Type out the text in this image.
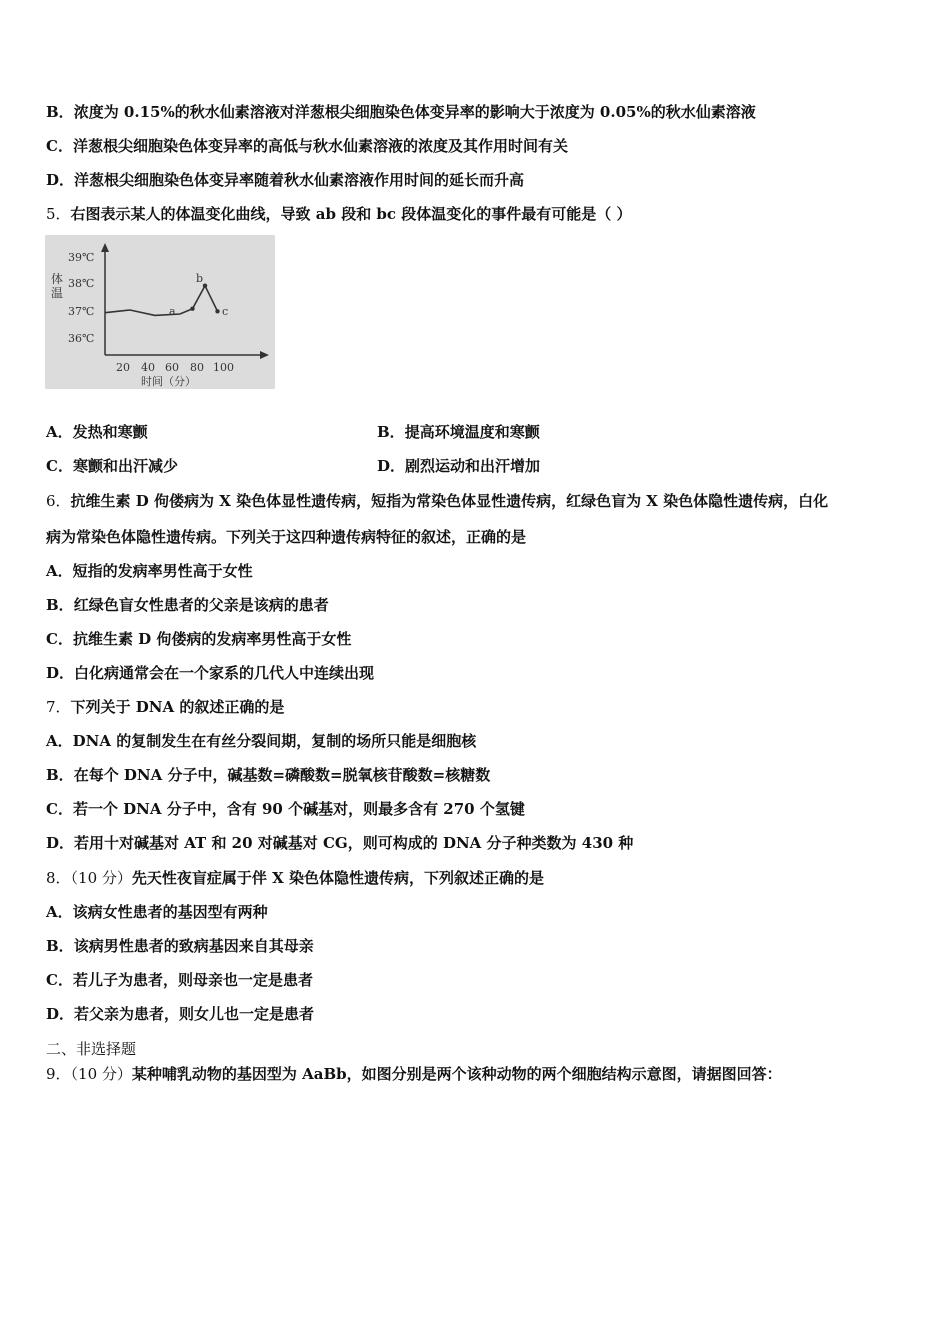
B．浓度为 0.15%的秋水仙素溶液对洋葱根尖细胞染色体变异率的影响大于浓度为 0.05%的秋水仙素溶液
C．洋葱根尖细胞染色体变异率的高低与秋水仙素溶液的浓度及其作用时间有关
D．洋葱根尖细胞染色体变异率随着秋水仙素溶液作用时间的延长而升高
5．右图表示某人的体温变化曲线，导致 ab 段和 bc 段体温变化的事件最有可能是（ ）
39℃
38℃
37℃
36℃
体温
20 40 60 80 100
时间（分）
a
b
c
A．发热和寒颤	B．提高环境温度和寒颤
C．寒颤和出汗减少	D．剧烈运动和出汗增加
6．抗维生素 D 佝偻病为 X 染色体显性遗传病，短指为常染色体显性遗传病，红绿色盲为 X 染色体隐性遗传病，白化
病为常染色体隐性遗传病。下列关于这四种遗传病特征的叙述，正确的是
A．短指的发病率男性高于女性
B．红绿色盲女性患者的父亲是该病的患者
C．抗维生素 D 佝偻病的发病率男性高于女性
D．白化病通常会在一个家系的几代人中连续出现
7．下列关于 DNA 的叙述正确的是
A．DNA 的复制发生在有丝分裂间期，复制的场所只能是细胞核
B．在每个 DNA 分子中，碱基数=磷酸数=脱氧核苷酸数=核糖数
C．若一个 DNA 分子中，含有 90 个碱基对，则最多含有 270 个氢键
D．若用十对碱基对 AT 和 20 对碱基对 CG，则可构成的 DNA 分子种类数为 430 种
8．（10 分）先天性夜盲症属于伴 X 染色体隐性遗传病，下列叙述正确的是
A．该病女性患者的基因型有两种
B．该病男性患者的致病基因来自其母亲
C．若儿子为患者，则母亲也一定是患者
D．若父亲为患者，则女儿也一定是患者
二、非选择题
9．（10 分）某种哺乳动物的基因型为 AaBb，如图分别是两个该种动物的两个细胞结构示意图，请据图回答：
